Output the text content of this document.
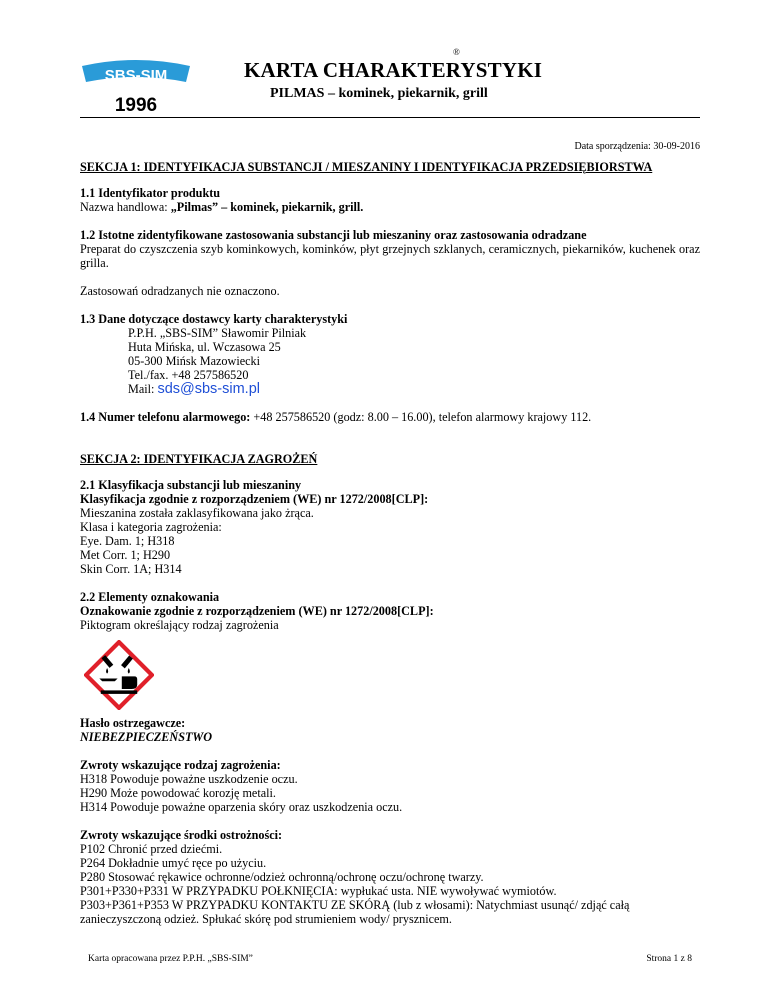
SBS-SIM
1996
®
KARTA CHARAKTERYSTYKI
PILMAS – kominek, piekarnik, grill
Data sporządzenia: 30-09-2016

SEKCJA 1: IDENTYFIKACJA SUBSTANCJI / MIESZANINY I IDENTYFIKACJA PRZEDSIĘBIORSTWA

1.1 Identyfikator produktu

Nazwa handlowa: „Pilmas” – kominek, piekarnik, grill.

1.2 Istotne zidentyfikowane zastosowania substancji lub mieszaniny oraz zastosowania odradzane

Preparat do czyszczenia szyb kominkowych, kominków, płyt grzejnych szklanych, ceramicznych, piekarników, kuchenek oraz grilla.

Zastosowań odradzanych nie oznaczono.

1.3 Dane dotyczące dostawcy karty charakterystyki

P.P.H. „SBS-SIM” Sławomir Pilniak

Huta Mińska, ul. Wczasowa 25

05-300 Mińsk Mazowiecki

Tel./fax. +48 257586520

Mail: sds@sbs-sim.pl

1.4 Numer telefonu alarmowego: +48 257586520 (godz: 8.00 – 16.00), telefon alarmowy krajowy 112.

SEKCJA 2: IDENTYFIKACJA ZAGROŻEŃ

2.1 Klasyfikacja substancji lub mieszaniny

Klasyfikacja zgodnie z rozporządzeniem (WE) nr 1272/2008[CLP]:

Mieszanina została zaklasyfikowana jako żrąca.

Klasa i kategoria zagrożenia:

Eye. Dam. 1; H318

Met Corr. 1; H290

Skin Corr. 1A; H314

2.2 Elementy oznakowania

Oznakowanie zgodnie z rozporządzeniem (WE) nr 1272/2008[CLP]:

Piktogram określający rodzaj zagrożenia

Hasło ostrzegawcze:

NIEBEZPIECZEŃSTWO

Zwroty wskazujące rodzaj zagrożenia:

H318 Powoduje poważne uszkodzenie oczu.

H290 Może powodować korozję metali.

H314 Powoduje poważne oparzenia skóry oraz uszkodzenia oczu.

Zwroty wskazujące środki ostrożności:

P102 Chronić przed dziećmi.

P264 Dokładnie umyć ręce po użyciu.

P280 Stosować rękawice ochronne/odzież ochronną/ochronę oczu/ochronę twarzy.

P301+P330+P331 W PRZYPADKU POŁKNIĘCIA: wypłukać usta. NIE wywoływać wymiotów.

P303+P361+P353 W PRZYPADKU KONTAKTU ZE SKÓRĄ (lub z włosami): Natychmiast usunąć/ zdjąć całą zanieczyszczoną odzież. Spłukać skórę pod strumieniem wody/ prysznicem.

Karta opracowana przez P.P.H. „SBS-SIM”	Strona 1 z 8
